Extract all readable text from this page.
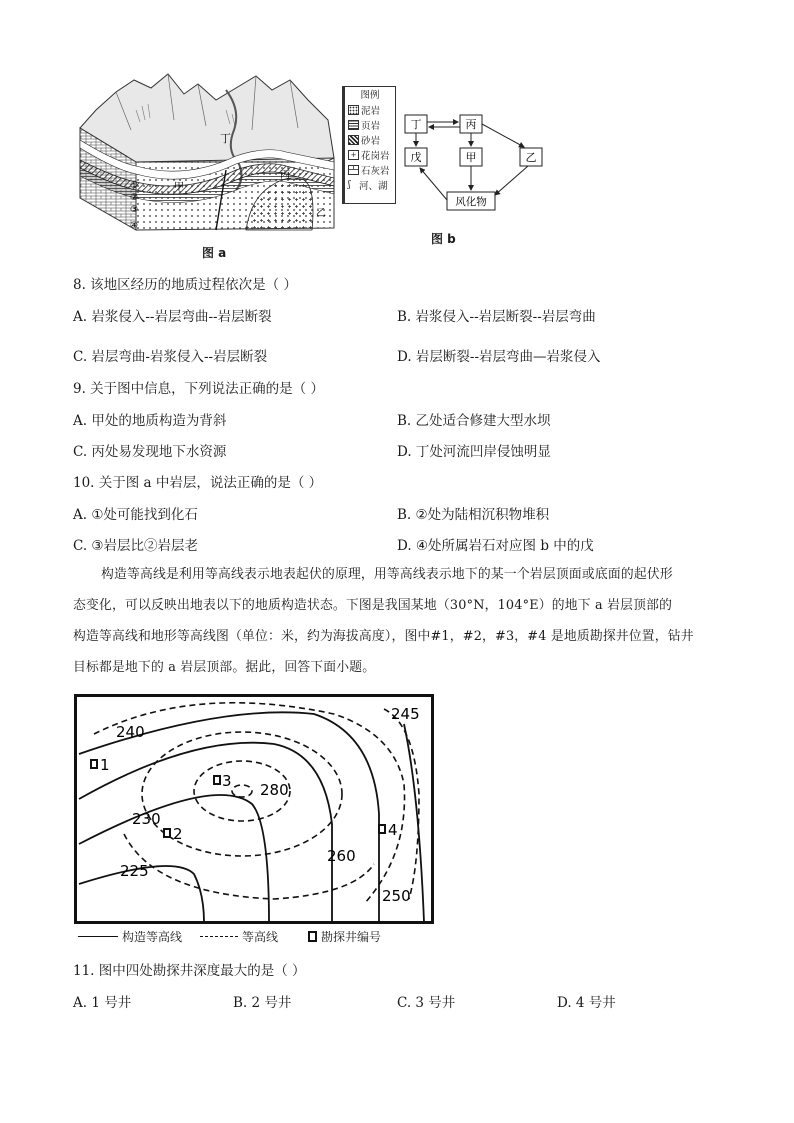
丁
甲
丙
乙
①
②
③
④
图例
泥岩
页岩
砂岩
+ 花岗岩
石灰岩
ʃ 河、湖
图 a
丁	丙
戊	甲	乙
风化物
图 b
8. 该地区经历的地质过程依次是（ ）
A. 岩浆侵入--岩层弯曲--岩层断裂	B. 岩浆侵入--岩层断裂--岩层弯曲
C. 岩层弯曲-岩浆侵入--岩层断裂	D. 岩层断裂--岩层弯曲—岩浆侵入
9. 关于图中信息，下列说法正确的是（ ）
A. 甲处的地质构造为背斜	B. 乙处适合修建大型水坝
C. 丙处易发现地下水资源	D. 丁处河流凹岸侵蚀明显
10. 关于图 a 中岩层，说法正确的是（ ）
A. ①处可能找到化石	B. ②处为陆相沉积物堆积
C. ③岩层比②岩层老	D. ④处所属岩石对应图 b 中的戊
构造等高线是利用等高线表示地表起伏的原理，用等高线表示地下的某一个岩层顶面或底面的起伏形
态变化，可以反映出地表以下的地质构造状态。下图是我国某地（30°N，104°E）的地下 a 岩层顶部的
构造等高线和地形等高线图（单位：米，约为海拔高度），图中#1，#2，#3，#4 是地质勘探井位置，钻井
目标都是地下的 a 岩层顶部。据此，回答下面小题。
240
245
280
230
225
260
250
1
2
3
4
构造等高线	等高线	勘探井编号
11. 图中四处勘探井深度最大的是（ ）
A. 1 号井	B. 2 号井	C. 3 号井	D. 4 号井
